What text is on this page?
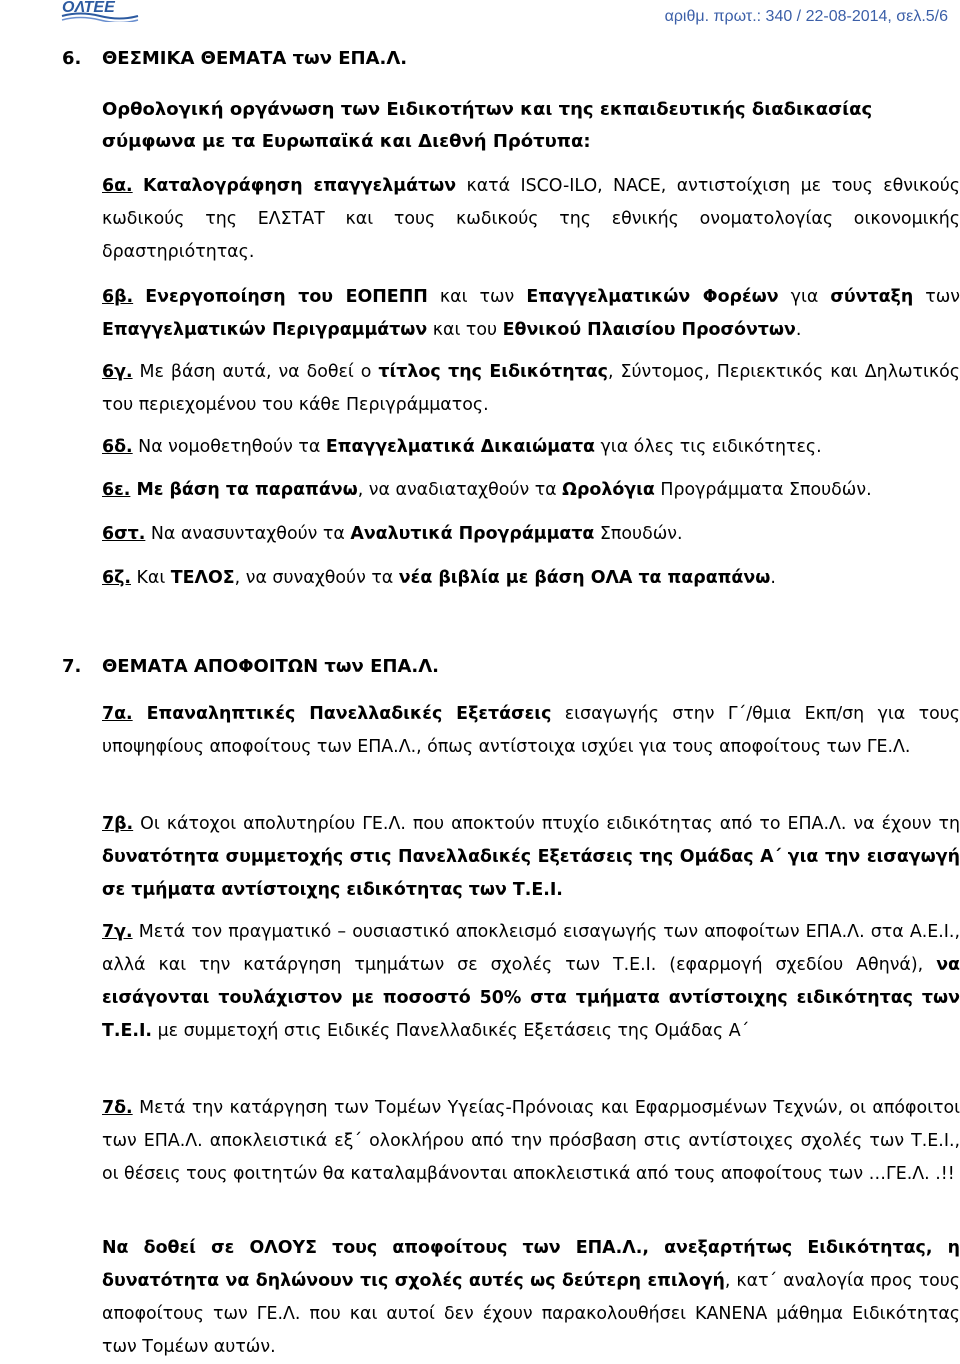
ΟΛΤΕΕ
αριθμ. πρωτ.: 340 / 22-08-2014, σελ.5/6
6. ΘΕΣΜΙΚΑ ΘΕΜΑΤΑ των ΕΠΑ.Λ.
Ορθολογική οργάνωση των Ειδικοτήτων και της εκπαιδευτικής διαδικασίας σύμφωνα με τα Ευρωπαϊκά και Διεθνή Πρότυπα:
6α. Καταλογράφηση επαγγελμάτων κατά ISCO-ILO, NACE, αντιστοίχιση με τους εθνικούς κωδικούς της ΕΛΣΤΑΤ και τους κωδικούς της εθνικής ονοματολογίας οικονομικής δραστηριότητας.
6β. Ενεργοποίηση του ΕΟΠΕΠΠ και των Επαγγελματικών Φορέων για σύνταξη των Επαγγελματικών Περιγραμμάτων και του Εθνικού Πλαισίου Προσόντων.
6γ. Με βάση αυτά, να δοθεί ο τίτλος της Ειδικότητας, Σύντομος, Περιεκτικός και Δηλωτικός του περιεχομένου του κάθε Περιγράμματος.
6δ. Να νομοθετηθούν τα Επαγγελματικά Δικαιώματα για όλες τις ειδικότητες.
6ε. Με βάση τα παραπάνω, να αναδιαταχθούν τα Ωρολόγια Προγράμματα Σπουδών.
6στ. Να ανασυνταχθούν τα Αναλυτικά Προγράμματα Σπουδών.
6ζ. Και ΤΕΛΟΣ, να συναχθούν τα νέα βιβλία με βάση ΟΛΑ τα παραπάνω.
7. ΘΕΜΑΤΑ ΑΠΟΦΟΙΤΩΝ των ΕΠΑ.Λ.
7α. Επαναληπτικές Πανελλαδικές Εξετάσεις εισαγωγής στην Γ΄/θμια Εκπ/ση για τους υποψηφίους αποφοίτους των ΕΠΑ.Λ., όπως αντίστοιχα ισχύει για τους αποφοίτους των ΓΕ.Λ.
7β. Οι κάτοχοι απολυτηρίου ΓΕ.Λ. που αποκτούν πτυχίο ειδικότητας από το ΕΠΑ.Λ. να έχουν τη δυνατότητα συμμετοχής στις Πανελλαδικές Εξετάσεις της Ομάδας Α΄ για την εισαγωγή σε τμήματα αντίστοιχης ειδικότητας των Τ.Ε.Ι.
7γ. Μετά τον πραγματικό – ουσιαστικό αποκλεισμό εισαγωγής των αποφοίτων ΕΠΑ.Λ. στα Α.Ε.Ι., αλλά και την κατάργηση τμημάτων σε σχολές των Τ.Ε.Ι. (εφαρμογή σχεδίου Αθηνά), να εισάγονται τουλάχιστον με ποσοστό 50% στα τμήματα αντίστοιχης ειδικότητας των Τ.Ε.Ι. με συμμετοχή στις Ειδικές Πανελλαδικές Εξετάσεις της Ομάδας Α΄
7δ. Μετά την κατάργηση των Τομέων Υγείας-Πρόνοιας και Εφαρμοσμένων Τεχνών, οι απόφοιτοι των ΕΠΑ.Λ. αποκλειστικά εξ΄ ολοκλήρου από την πρόσβαση στις αντίστοιχες σχολές των Τ.Ε.Ι., οι θέσεις τους φοιτητών θα καταλαμβάνονται αποκλειστικά από τους αποφοίτους των …ΓΕ.Λ. .!!
Να δοθεί σε ΟΛΟΥΣ τους αποφοίτους των ΕΠΑ.Λ., ανεξαρτήτως Ειδικότητας, η δυνατότητα να δηλώνουν τις σχολές αυτές ως δεύτερη επιλογή, κατ΄ αναλογία προς τους αποφοίτους των ΓΕ.Λ. που και αυτοί δεν έχουν παρακολουθήσει ΚΑΝΕΝΑ μάθημα Ειδικότητας των Τομέων αυτών.
